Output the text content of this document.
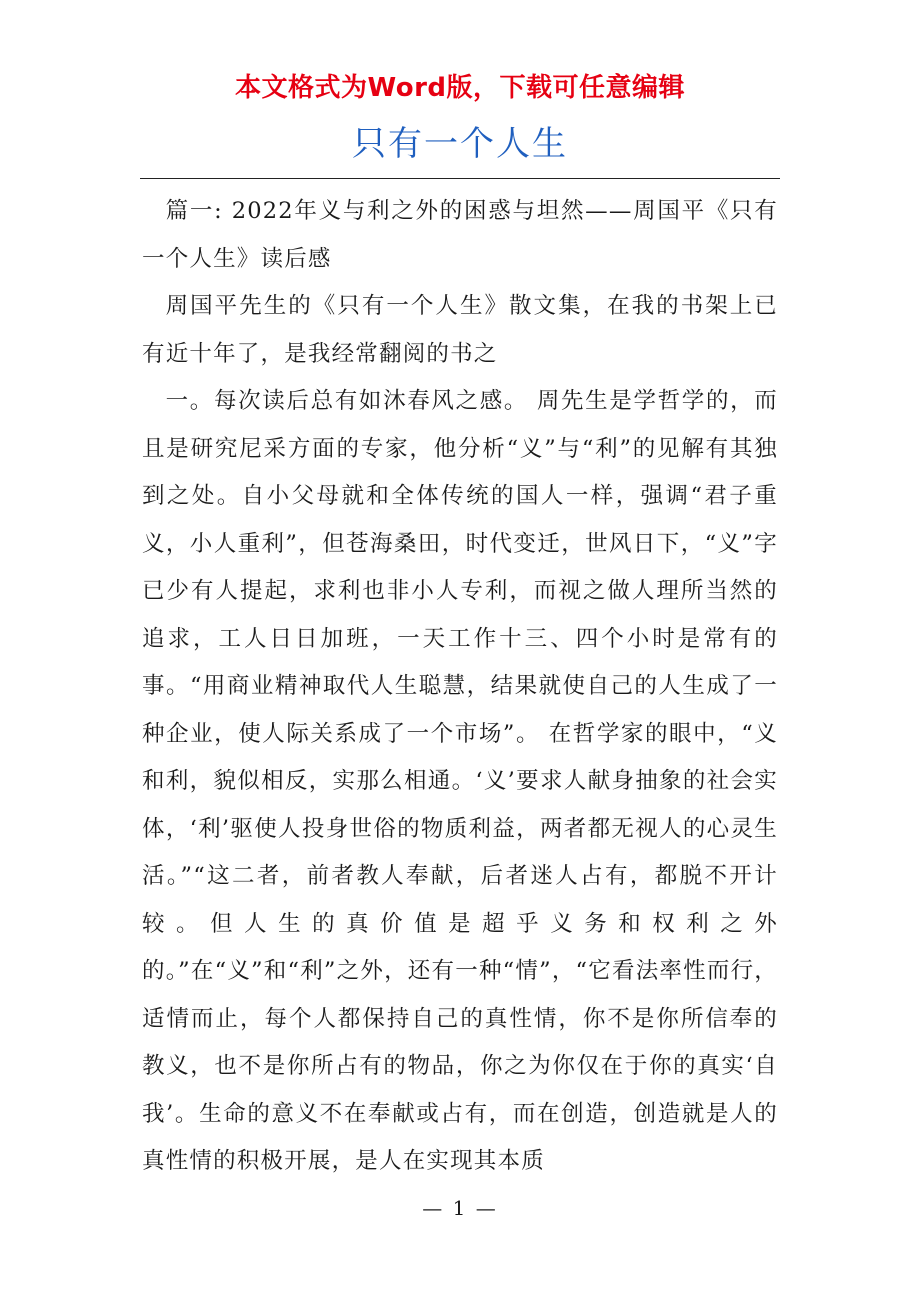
本文格式为Word版，下载可任意编辑
只有一个人生

篇一: 2022年义与利之外的困惑与坦然——周国平《只有一个人生》读后感

周国平先生的《只有一个人生》散文集，在我的书架上已有近十年了，是我经常翻阅的书之

一。每次读后总有如沐春风之感。 周先生是学哲学的，而且是研究尼采方面的专家，他分析“义”与“利”的见解有其独到之处。自小父母就和全体传统的国人一样，强调“君子重义，小人重利”，但苍海桑田，时代变迁，世风日下，“义”字已少有人提起，求利也非小人专利，而视之做人理所当然的追求，工人日日加班，一天工作十三、四个小时是常有的事。“用商业精神取代人生聪慧，结果就使自己的人生成了一种企业，使人际关系成了一个市场”。 在哲学家的眼中，“义和利，貌似相反，实那么相通。‘义’要求人献身抽象的社会实体，‘利’驱使人投身世俗的物质利益，两者都无视人的心灵生活。”“这二者，前者教人奉献，后者迷人占有，都脱不开计较。但人生的真价值是超乎义务和权利之外的。”在“义”和“利”之外，还有一种“情”，“它看法率性而行，适情而止，每个人都保持自己的真性情，你不是你所信奉的教义，也不是你所占有的物品，你之为你仅在于你的真实‘自我’。生命的意义不在奉献或占有，而在创造，创造就是人的真性情的积极开展，是人在实现其本质

— 1 —
